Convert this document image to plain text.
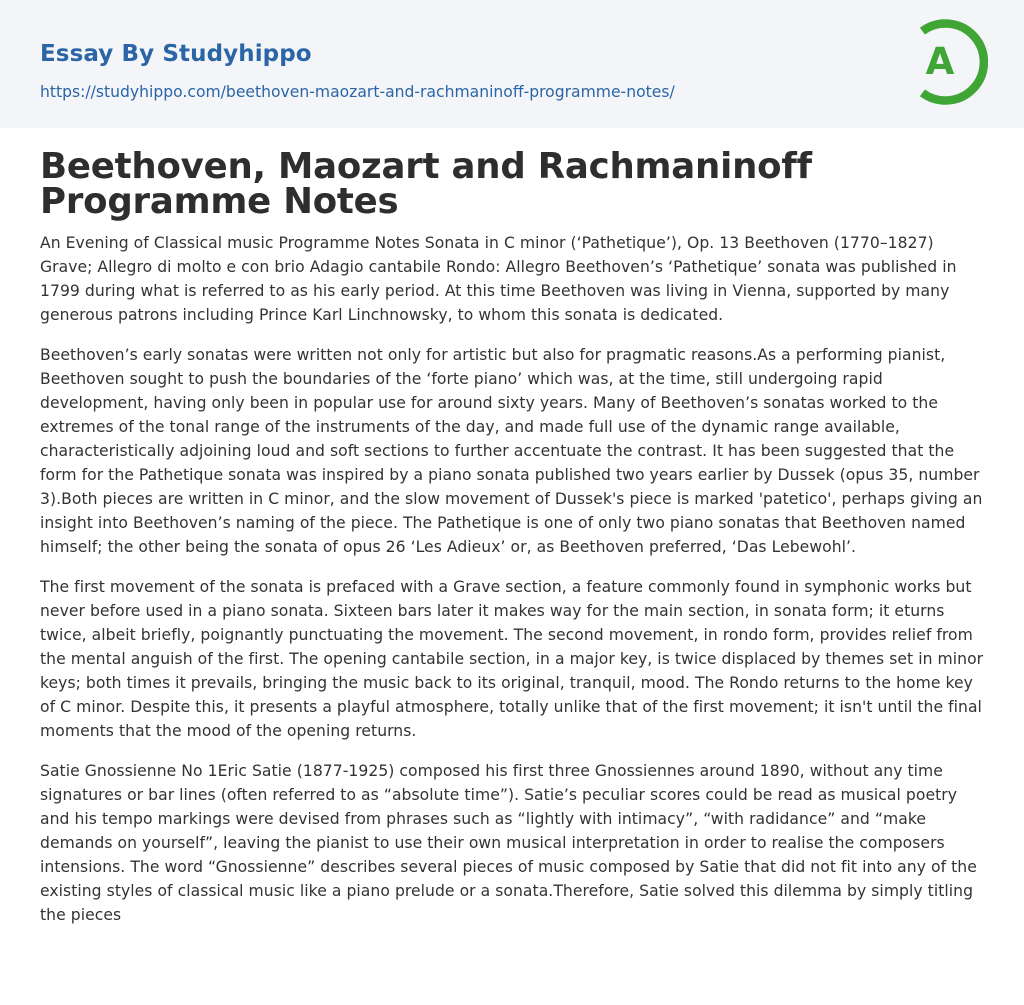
Essay By Studyhippo
https://studyhippo.com/beethoven-maozart-and-rachmaninoff-programme-notes/
A
Beethoven, Maozart and Rachmaninoff Programme Notes

An Evening of Classical music Programme Notes Sonata in C minor (‘Pathetique’), Op. 13 Beethoven (1770–1827) Grave; Allegro di molto e con brio Adagio cantabile Rondo: Allegro Beethoven’s ‘Pathetique’ sonata was published in 1799 during what is referred to as his early period. At this time Beethoven was living in Vienna, supported by many generous patrons including Prince Karl Linchnowsky, to whom this sonata is dedicated.

Beethoven’s early sonatas were written not only for artistic but also for pragmatic reasons.As a performing pianist, Beethoven sought to push the boundaries of the ‘forte piano’ which was, at the time, still undergoing rapid development, having only been in popular use for around sixty years. Many of Beethoven’s sonatas worked to the extremes of the tonal range of the instruments of the day, and made full use of the dynamic range available, characteristically adjoining loud and soft sections to further accentuate the contrast. It has been suggested that the form for the Pathetique sonata was inspired by a piano sonata published two years earlier by Dussek (opus 35, number 3).Both pieces are written in C minor, and the slow movement of Dussek's piece is marked 'patetico', perhaps giving an insight into Beethoven’s naming of the piece. The Pathetique is one of only two piano sonatas that Beethoven named himself; the other being the sonata of opus 26 ‘Les Adieux’ or, as Beethoven preferred, ‘Das Lebewohl’.

The first movement of the sonata is prefaced with a Grave section, a feature commonly found in symphonic works but never before used in a piano sonata. Sixteen bars later it makes way for the main section, in sonata form; it eturns twice, albeit briefly, poignantly punctuating the movement. The second movement, in rondo form, provides relief from the mental anguish of the first. The opening cantabile section, in a major key, is twice displaced by themes set in minor keys; both times it prevails, bringing the music back to its original, tranquil, mood. The Rondo returns to the home key of C minor. Despite this, it presents a playful atmosphere, totally unlike that of the first movement; it isn't until the final moments that the mood of the opening returns.

Satie Gnossienne No 1Eric Satie (1877-1925) composed his first three Gnossiennes around 1890, without any time signatures or bar lines (often referred to as “absolute time”). Satie’s peculiar scores could be read as musical poetry and his tempo markings were devised from phrases such as “lightly with intimacy”, “with radidance” and “make demands on yourself”, leaving the pianist to use their own musical interpretation in order to realise the composers intensions. The word “Gnossienne” describes several pieces of music composed by Satie that did not fit into any of the existing styles of classical music like a piano prelude or a sonata.Therefore, Satie solved this dilemma by simply titling the pieces
